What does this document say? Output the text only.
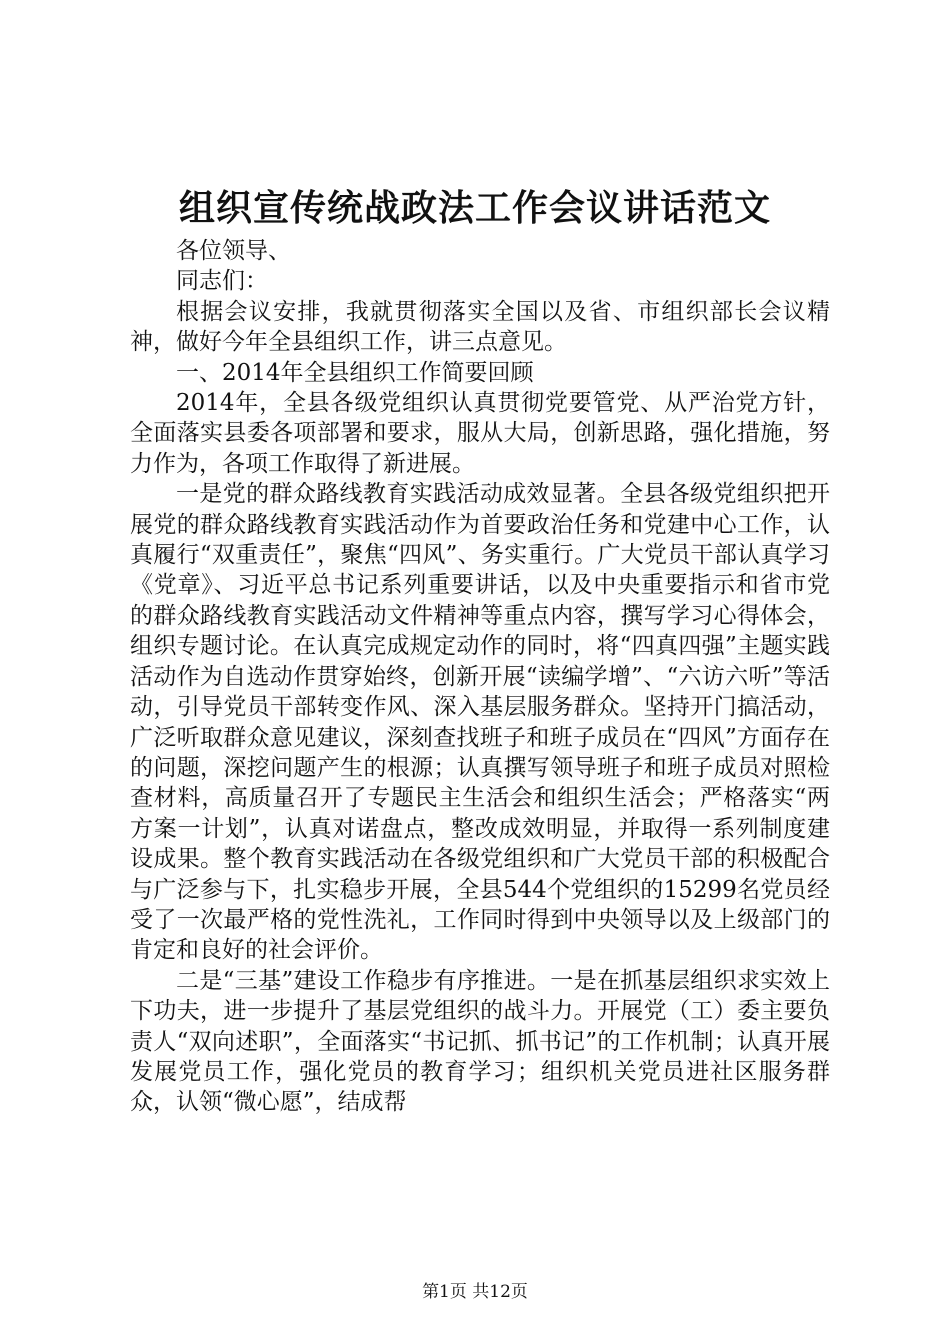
组织宣传统战政法工作会议讲话范文

各位领导、

同志们：

根据会议安排，我就贯彻落实全国以及省、市组织部长会议精神，做好今年全县组织工作，讲三点意见。

一、2014年全县组织工作简要回顾

2014年，全县各级党组织认真贯彻党要管党、从严治党方针，全面落实县委各项部署和要求，服从大局，创新思路，强化措施，努力作为，各项工作取得了新进展。

一是党的群众路线教育实践活动成效显著。全县各级党组织把开展党的群众路线教育实践活动作为首要政治任务和党建中心工作，认真履行“双重责任”，聚焦“四风”、务实重行。广大党员干部认真学习《党章》、习近平总书记系列重要讲话，以及中央重要指示和省市党的群众路线教育实践活动文件精神等重点内容，撰写学习心得体会，组织专题讨论。在认真完成规定动作的同时，将“四真四强”主题实践活动作为自选动作贯穿始终，创新开展“读编学增”、“六访六听”等活动，引导党员干部转变作风、深入基层服务群众。坚持开门搞活动，广泛听取群众意见建议，深刻查找班子和班子成员在“四风”方面存在的问题，深挖问题产生的根源；认真撰写领导班子和班子成员对照检查材料，高质量召开了专题民主生活会和组织生活会；严格落实“两方案一计划”，认真对诺盘点，整改成效明显，并取得一系列制度建设成果。整个教育实践活动在各级党组织和广大党员干部的积极配合与广泛参与下，扎实稳步开展，全县544个党组织的15299名党员经受了一次最严格的党性洗礼，工作同时得到中央领导以及上级部门的肯定和良好的社会评价。

二是“三基”建设工作稳步有序推进。一是在抓基层组织求实效上下功夫，进一步提升了基层党组织的战斗力。开展党（工）委主要负责人“双向述职”，全面落实“书记抓、抓书记”的工作机制；认真开展发展党员工作，强化党员的教育学习；组织机关党员进社区服务群众，认领“微心愿”，结成帮

第1页 共12页
